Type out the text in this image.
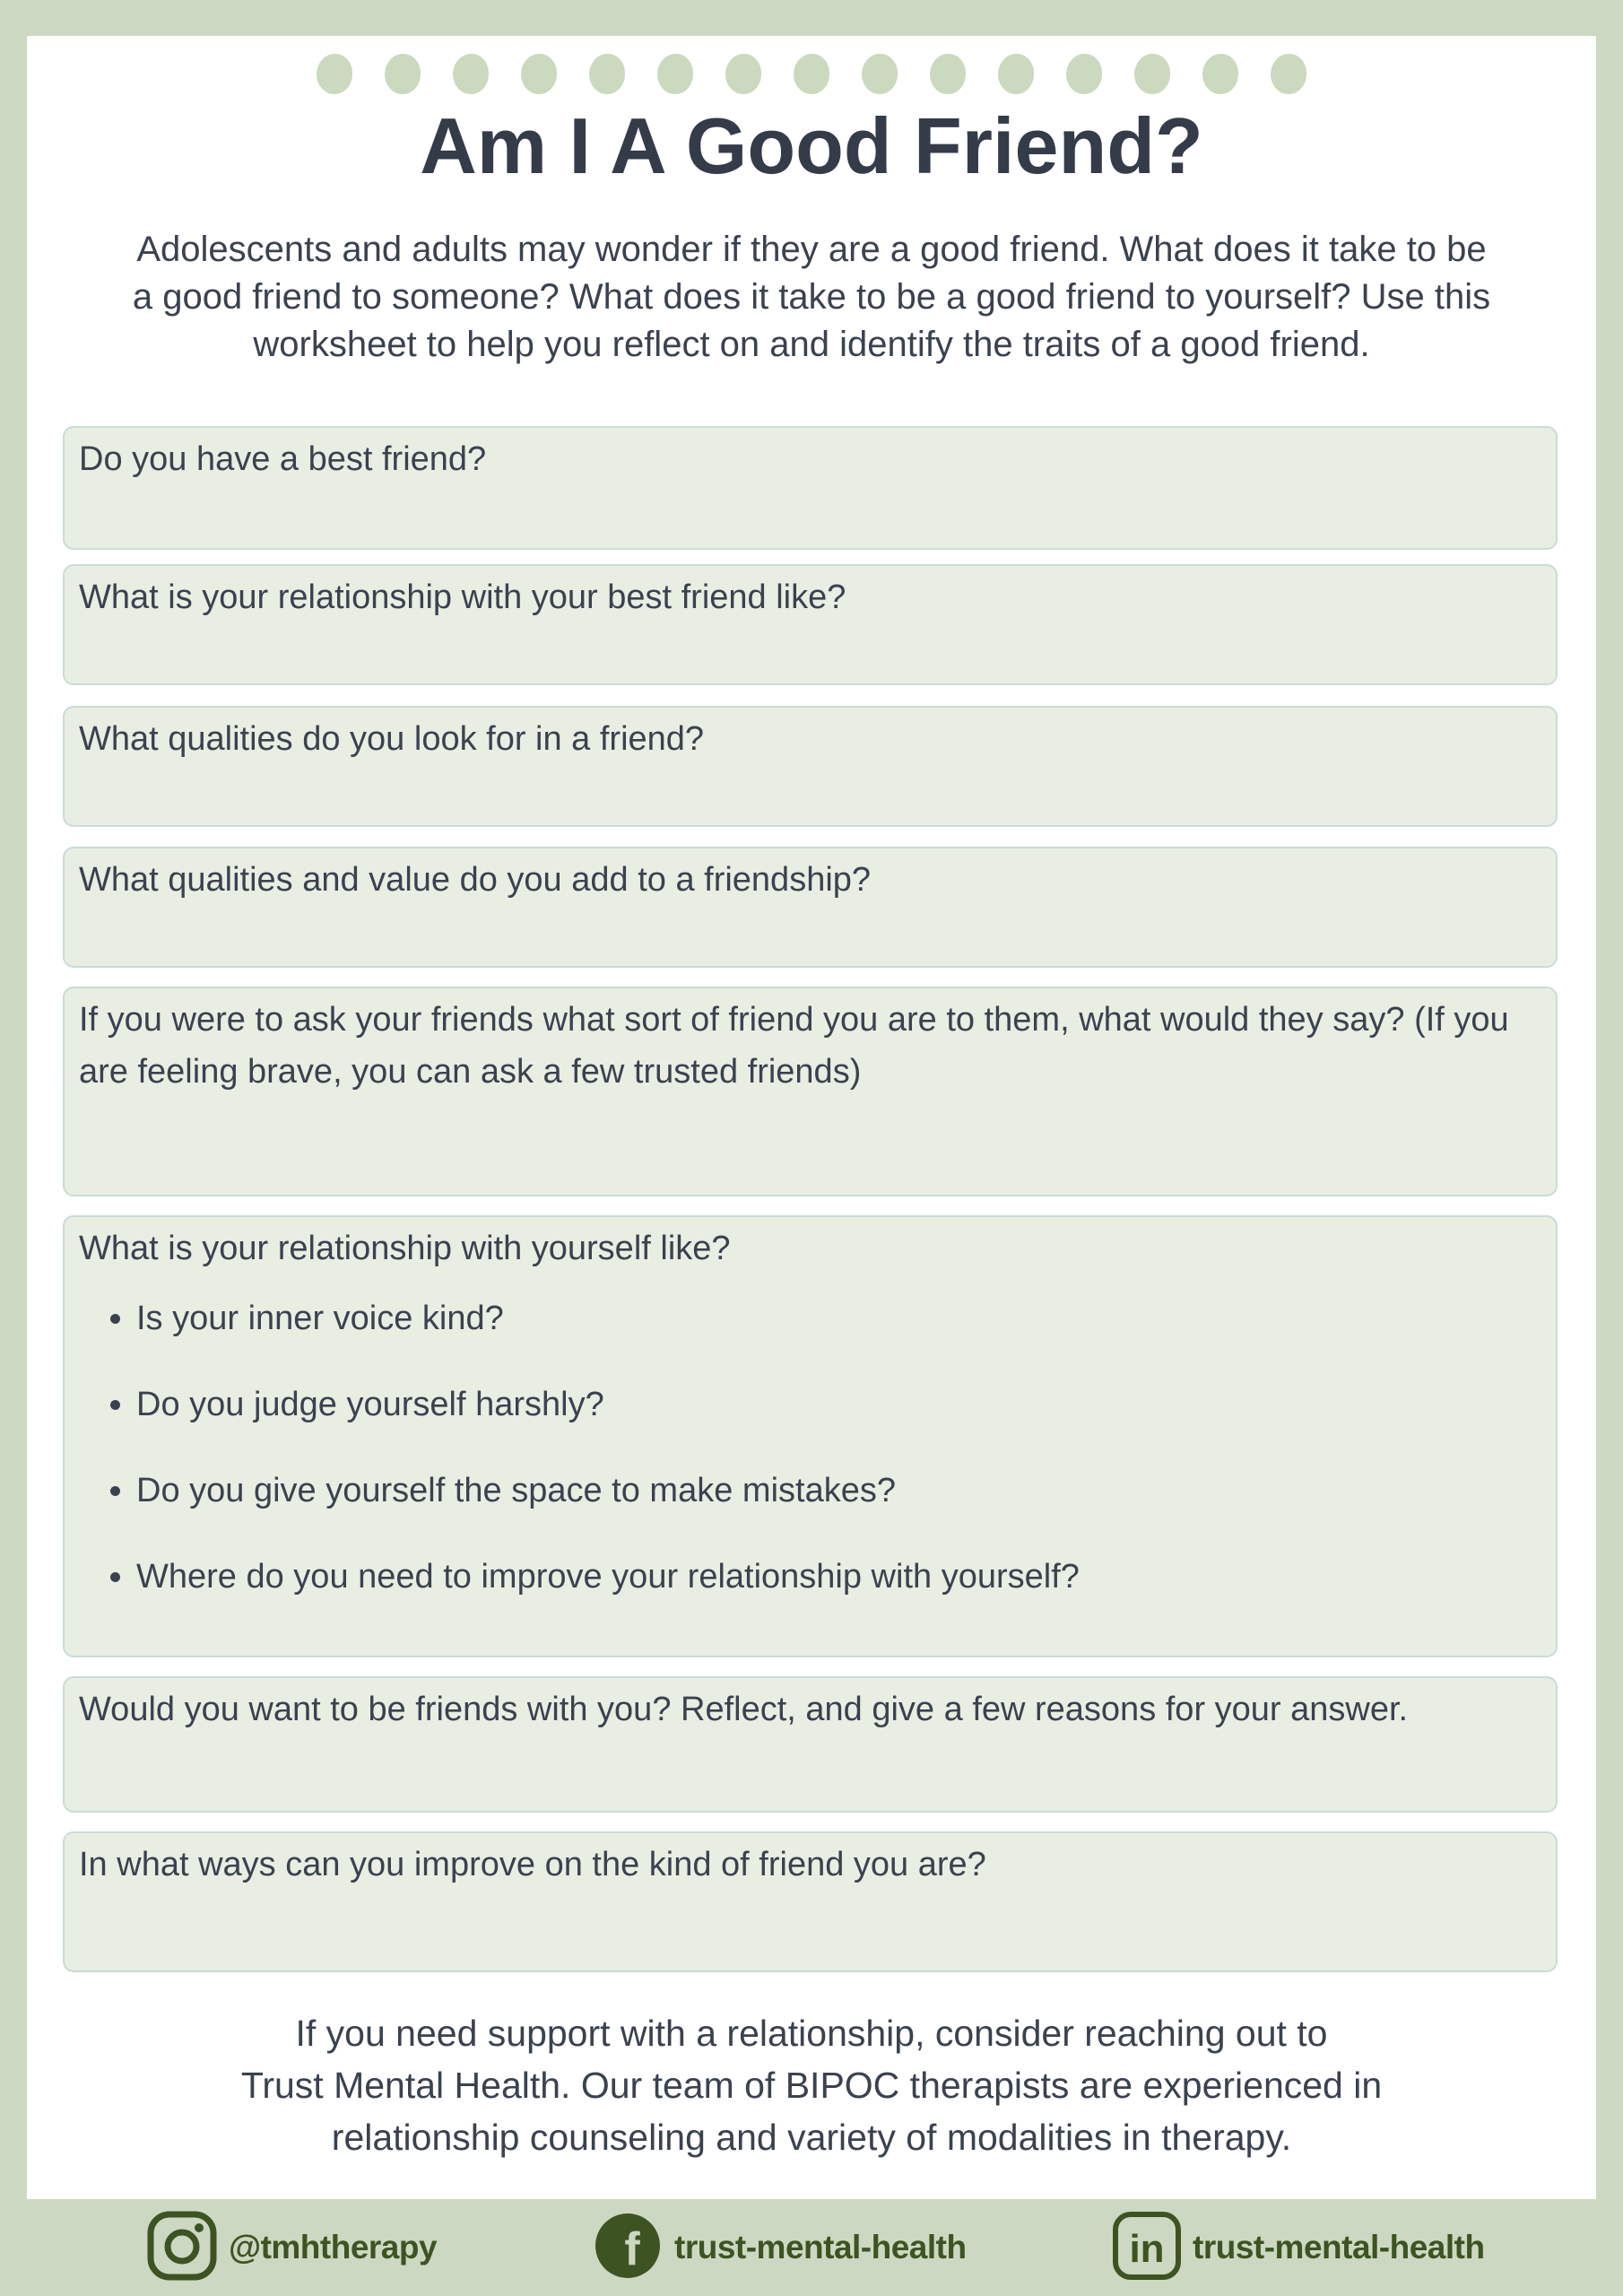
Am I A Good Friend?
Adolescents and adults may wonder if they are a good friend. What does it take to be
a good friend to someone? What does it take to be a good friend to yourself? Use this
worksheet to help you reflect on and identify the traits of a good friend.
Do you have a best friend?
What is your relationship with your best friend like?
What qualities do you look for in a friend?
What qualities and value do you add to a friendship?
If you were to ask your friends what sort of friend you are to them, what would they say? (If you are feeling brave, you can ask a few trusted friends)
What is your relationship with yourself like?
• Is your inner voice kind?
• Do you judge yourself harshly?
• Do you give yourself the space to make mistakes?
• Where do you need to improve your relationship with yourself?
Would you want to be friends with you? Reflect, and give a few reasons for your answer.
In what ways can you improve on the kind of friend you are?
If you need support with a relationship, consider reaching out to
Trust Mental Health. Our team of BIPOC therapists are experienced in
relationship counseling and variety of modalities in therapy.
@tmhtherapy	f trust-mental-health	in trust-mental-health
